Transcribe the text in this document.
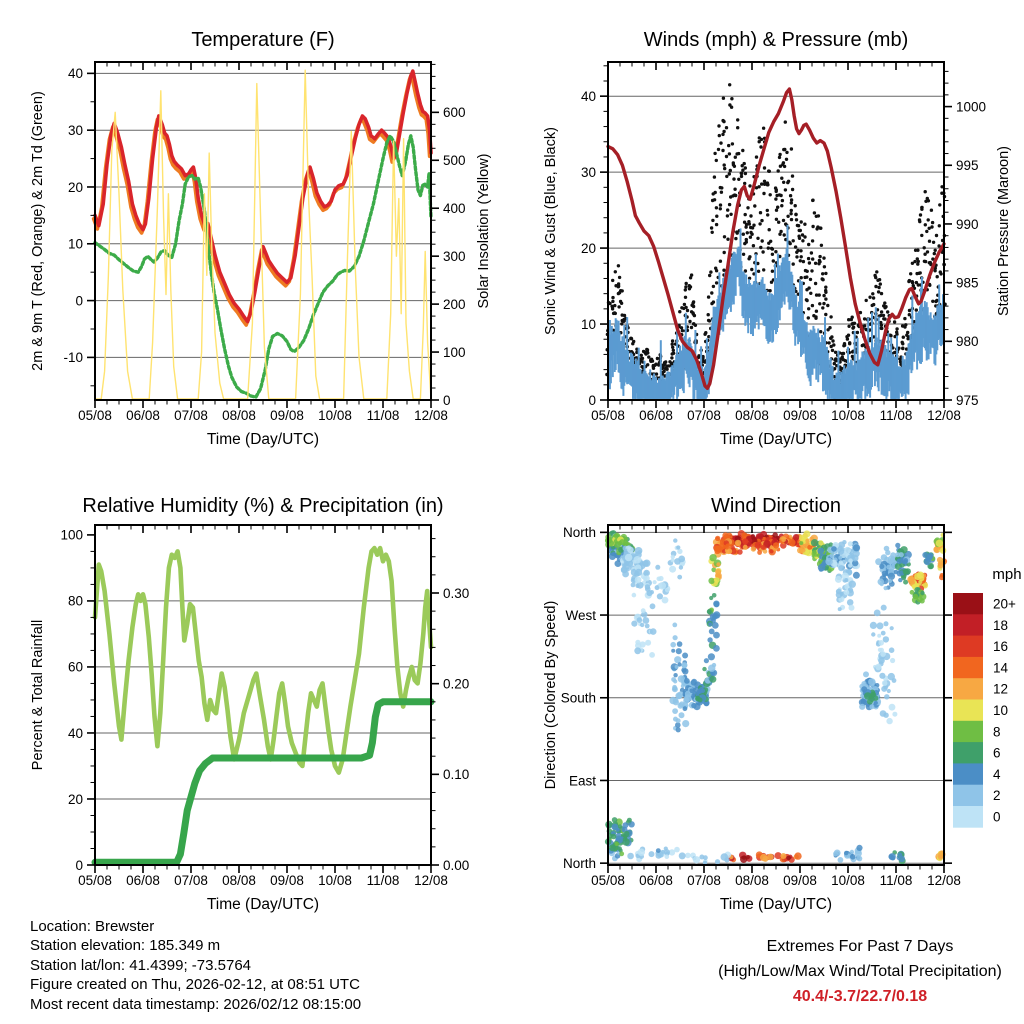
05/08 06/08 07/08 08/08 09/08 10/08 11/08 12/08
Time (Day/UTC)
Temperature (F)
-10
0
10
20
30
40
0
100
200
300
400
500
600
2m & 9m T (Red, Orange) & 2m Td (Green)	Solar Insolation (Yellow)
05/08 06/08 07/08 08/08 09/08 10/08 11/08 12/08
Time (Day/UTC)
Winds (mph) & Pressure (mb)
0
10
20
30
40
975
980
985
990
995
1000
Sonic Wind & Gust (Blue, Black)	Station Pressure (Maroon)
05/08 06/08 07/08 08/08 09/08 10/08 11/08 12/08
Time (Day/UTC)
Relative Humidity (%) & Precipitation (in)
0
20
40
60
80
100
0.00
0.10
0.20
0.30
Percent & Total Rainfall
20+
18
16
14
12
10
8
6
4
2
0
mph
05/08 06/08 07/08 08/08 09/08 10/08 11/08 12/08
Time (Day/UTC)
Wind Direction
North
East
South
West
North
Direction (Colored By Speed)
Location: Brewster
Station elevation: 185.349 m
Station lat/lon: 41.4399; -73.5764
Figure created on Thu, 2026-02-12, at 08:51 UTC
Most recent data timestamp: 2026/02/12 08:15:00
Extremes For Past 7 Days
(High/Low/Max Wind/Total Precipitation)
40.4/-3.7/22.7/0.18
